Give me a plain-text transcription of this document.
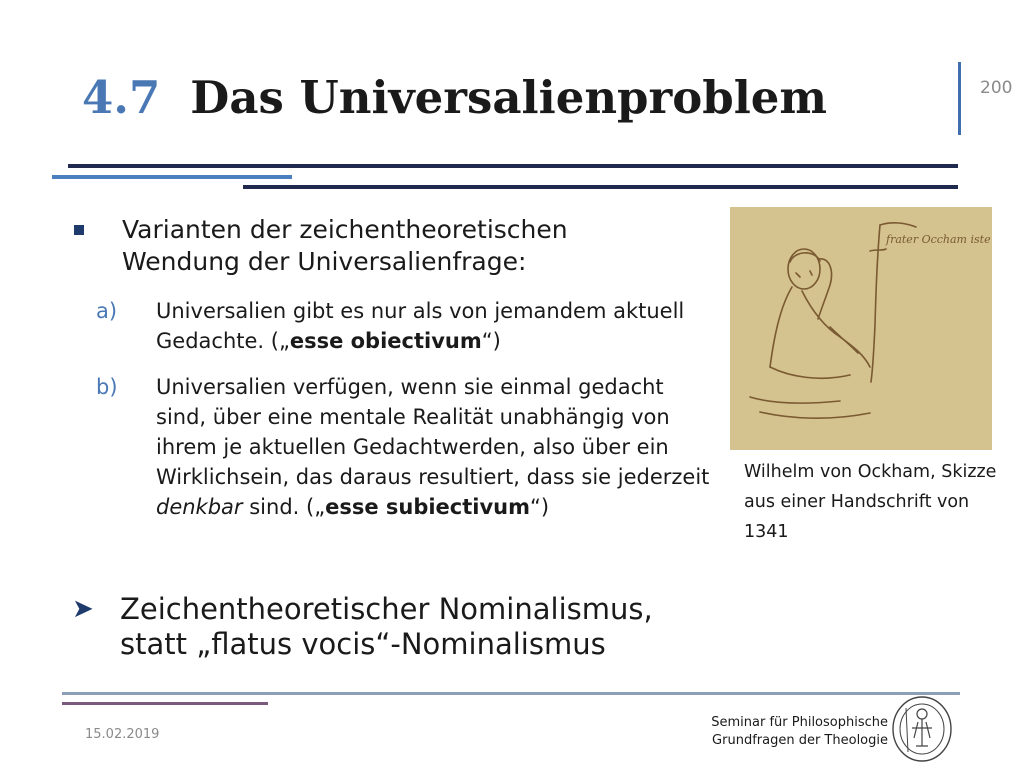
4.7 Das Universalienproblem	200
Varianten der zeichentheoretischen Wendung der Universalienfrage:
a) Universalien gibt es nur als von jemandem aktuell Gedachte. („esse obiectivum“)
b) Universalien verfügen, wenn sie einmal gedacht sind, über eine mentale Realität unabhängig von ihrem je aktuellen Gedachtwerden, also über ein Wirklichsein, das daraus resultiert, dass sie jederzeit denkbar sind. („esse subiectivum“)
➤ Zeichentheoretischer Nominalismus, statt „flatus vocis“-Nominalismus
frater Occham iste
Wilhelm von Ockham, Skizze aus einer Handschrift von 1341
15.02.2019
Seminar für Philosophische
Grundfragen der Theologie
